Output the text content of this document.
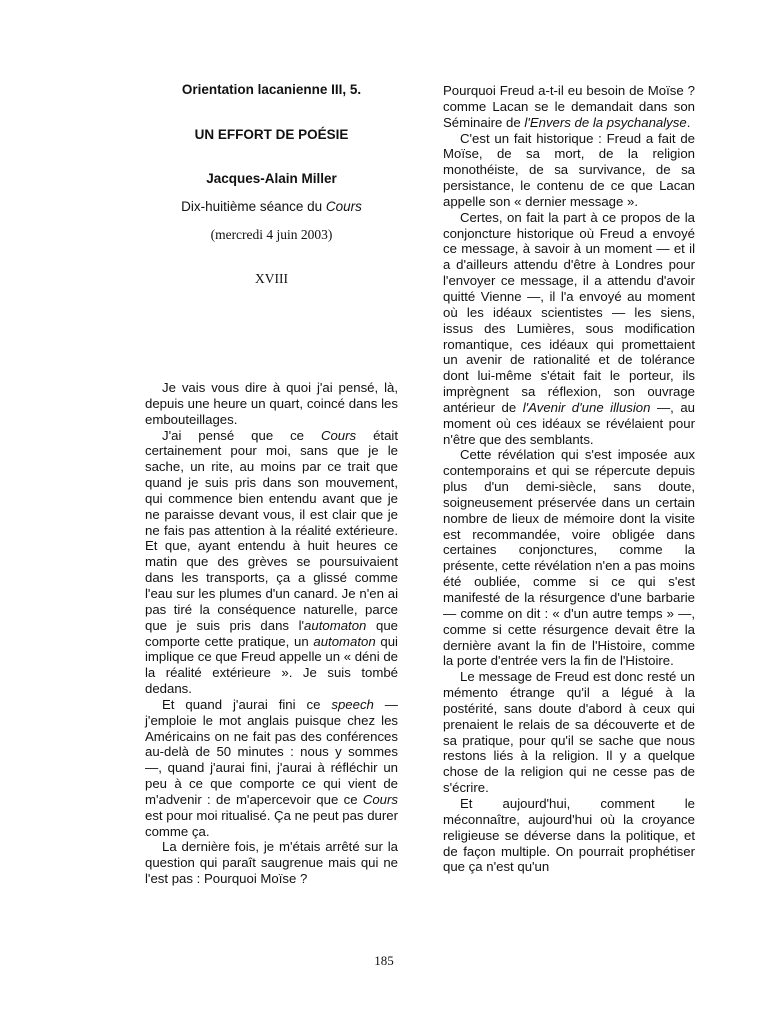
Orientation lacanienne III, 5.
UN EFFORT DE POÉSIE
Jacques-Alain Miller
Dix-huitième séance du Cours
(mercredi 4 juin 2003)
XVIII

Je vais vous dire à quoi j'ai pensé, là, depuis une heure un quart, coincé dans les embouteillages.

J'ai pensé que ce Cours était certainement pour moi, sans que je le sache, un rite, au moins par ce trait que quand je suis pris dans son mouvement, qui commence bien entendu avant que je ne paraisse devant vous, il est clair que je ne fais pas attention à la réalité extérieure. Et que, ayant entendu à huit heures ce matin que des grèves se poursuivaient dans les transports, ça a glissé comme l'eau sur les plumes d'un canard. Je n'en ai pas tiré la conséquence naturelle, parce que je suis pris dans l'automaton que comporte cette pratique, un automaton qui implique ce que Freud appelle un « déni de la réalité extérieure ». Je suis tombé dedans.

Et quand j'aurai fini ce speech — j'emploie le mot anglais puisque chez les Américains on ne fait pas des conférences au-delà de 50 minutes : nous y sommes —, quand j'aurai fini, j'aurai à réfléchir un peu à ce que comporte ce qui vient de m'advenir : de m'apercevoir que ce Cours est pour moi ritualisé. Ça ne peut pas durer comme ça.

La dernière fois, je m'étais arrêté sur la question qui paraît saugrenue mais qui ne l'est pas : Pourquoi Moïse ?

Pourquoi Freud a-t-il eu besoin de Moïse ? comme Lacan se le demandait dans son Séminaire de l'Envers de la psychanalyse.

C'est un fait historique : Freud a fait de Moïse, de sa mort, de la religion monothéiste, de sa survivance, de sa persistance, le contenu de ce que Lacan appelle son « dernier message ».

Certes, on fait la part à ce propos de la conjoncture historique où Freud a envoyé ce message, à savoir à un moment — et il a d'ailleurs attendu d'être à Londres pour l'envoyer ce message, il a attendu d'avoir quitté Vienne —, il l'a envoyé au moment où les idéaux scientistes — les siens, issus des Lumières, sous modification romantique, ces idéaux qui promettaient un avenir de rationalité et de tolérance dont lui-même s'était fait le porteur, ils imprègnent sa réflexion, son ouvrage antérieur de l'Avenir d'une illusion —, au moment où ces idéaux se révélaient pour n'être que des semblants.

Cette révélation qui s'est imposée aux contemporains et qui se répercute depuis plus d'un demi-siècle, sans doute, soigneusement préservée dans un certain nombre de lieux de mémoire dont la visite est recommandée, voire obligée dans certaines conjonctures, comme la présente, cette révélation n'en a pas moins été oubliée, comme si ce qui s'est manifesté de la résurgence d'une barbarie — comme on dit : « d'un autre temps » —, comme si cette résurgence devait être la dernière avant la fin de l'Histoire, comme la porte d'entrée vers la fin de l'Histoire.

Le message de Freud est donc resté un mémento étrange qu'il a légué à la postérité, sans doute d'abord à ceux qui prenaient le relais de sa découverte et de sa pratique, pour qu'il se sache que nous restons liés à la religion. Il y a quelque chose de la religion qui ne cesse pas de s'écrire.

Et aujourd'hui, comment le méconnaître, aujourd'hui où la croyance religieuse se déverse dans la politique, et de façon multiple. On pourrait prophétiser que ça n'est qu'un

185
